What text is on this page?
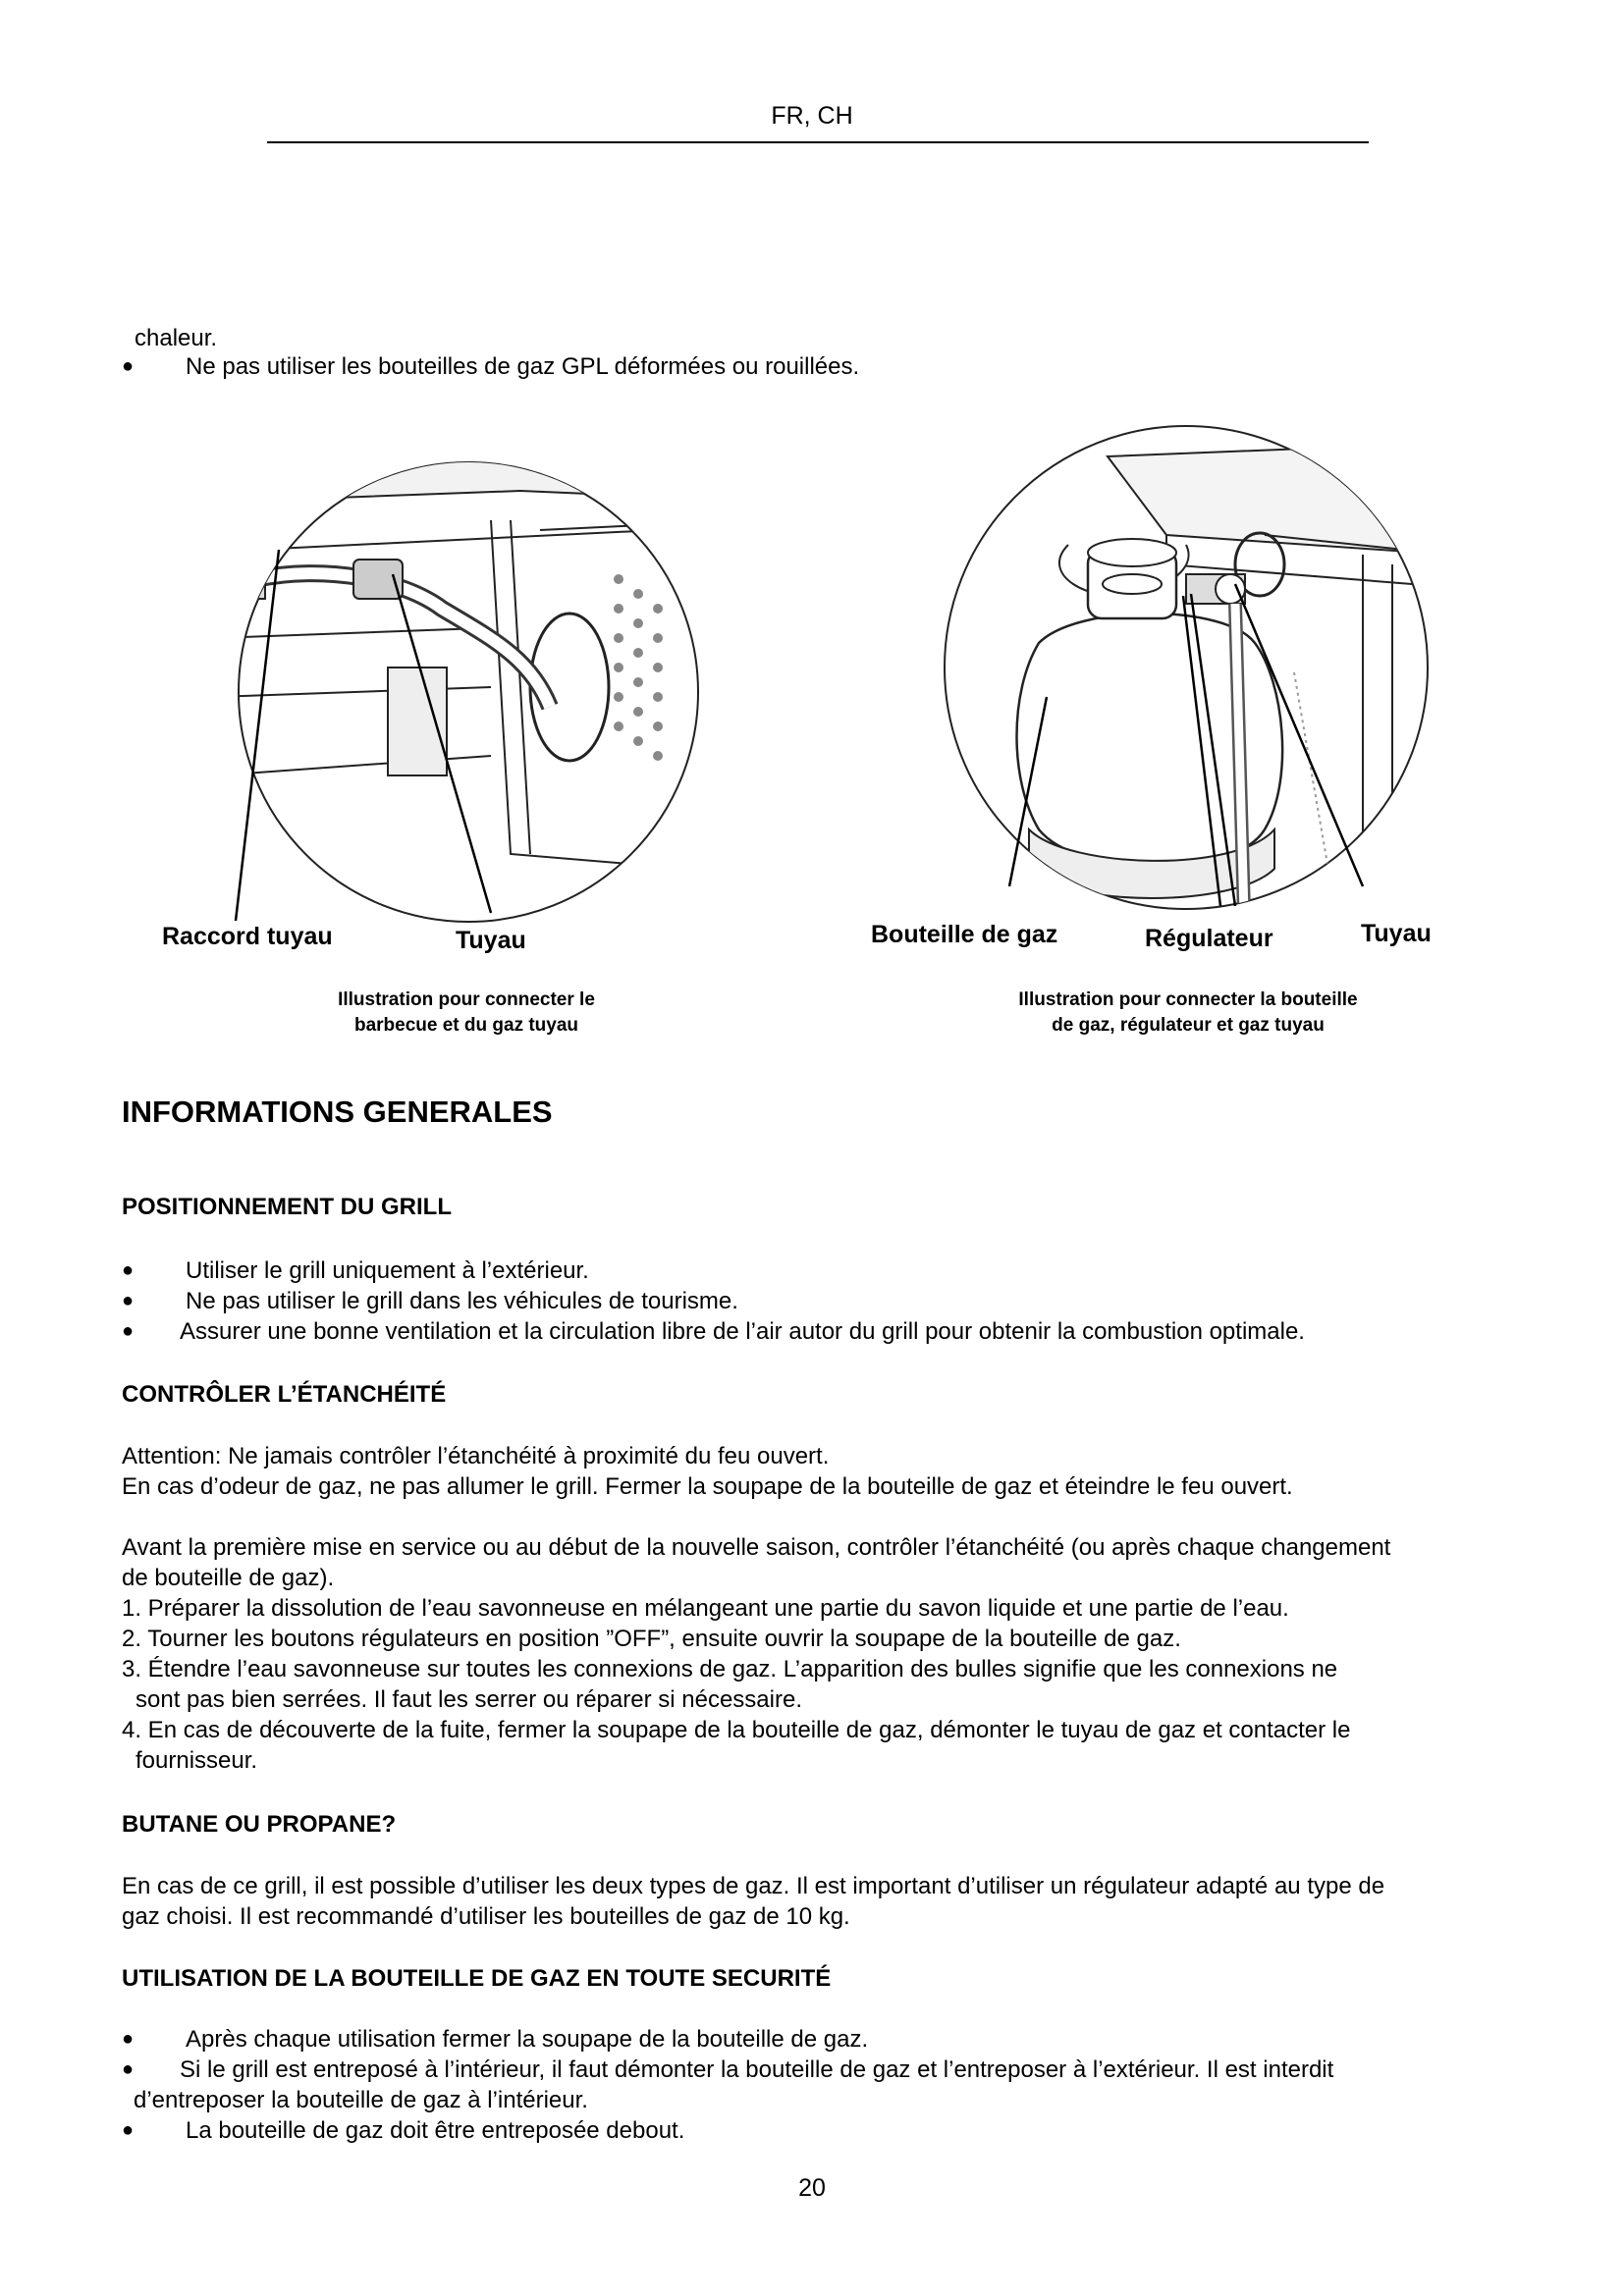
FR, CH
chaleur.
● Ne pas utiliser les bouteilles de gaz GPL déformées ou rouillées.
Raccord tuyau	Tuyau
Illustration pour connecter le
barbecue et du gaz tuyau
Bouteille de gaz	Régulateur	Tuyau
Illustration pour connecter la bouteille
de gaz, régulateur et gaz tuyau
INFORMATIONS GENERALES
POSITIONNEMENT DU GRILL
● Utiliser le grill uniquement à l’extérieur.
● Ne pas utiliser le grill dans les véhicules de tourisme.
● Assurer une bonne ventilation et la circulation libre de l’air autor du grill pour obtenir la combustion optimale.
CONTRÔLER L’ÉTANCHÉITÉ
Attention: Ne jamais contrôler l’étanchéité à proximité du feu ouvert.
En cas d’odeur de gaz, ne pas allumer le grill. Fermer la soupape de la bouteille de gaz et éteindre le feu ouvert.
Avant la première mise en service ou au début de la nouvelle saison, contrôler l’étanchéité (ou après chaque changement
de bouteille de gaz).
1. Préparer la dissolution de l’eau savonneuse en mélangeant une partie du savon liquide et une partie de l’eau.
2. Tourner les boutons régulateurs en position ”OFF”, ensuite ouvrir la soupape de la bouteille de gaz.
3. Étendre l’eau savonneuse sur toutes les connexions de gaz. L’apparition des bulles signifie que les connexions ne
sont pas bien serrées. Il faut les serrer ou réparer si nécessaire.
4. En cas de découverte de la fuite, fermer la soupape de la bouteille de gaz, démonter le tuyau de gaz et contacter le
fournisseur.
BUTANE OU PROPANE?
En cas de ce grill, il est possible d’utiliser les deux types de gaz. Il est important d’utiliser un régulateur adapté au type de
gaz choisi. Il est recommandé d’utiliser les bouteilles de gaz de 10 kg.
UTILISATION DE LA BOUTEILLE DE GAZ EN TOUTE SECURITÉ
● Après chaque utilisation fermer la soupape de la bouteille de gaz.
● Si le grill est entreposé à l’intérieur, il faut démonter la bouteille de gaz et l’entreposer à l’extérieur. Il est interdit
d’entreposer la bouteille de gaz à l’intérieur.
● La bouteille de gaz doit être entreposée debout.
20
